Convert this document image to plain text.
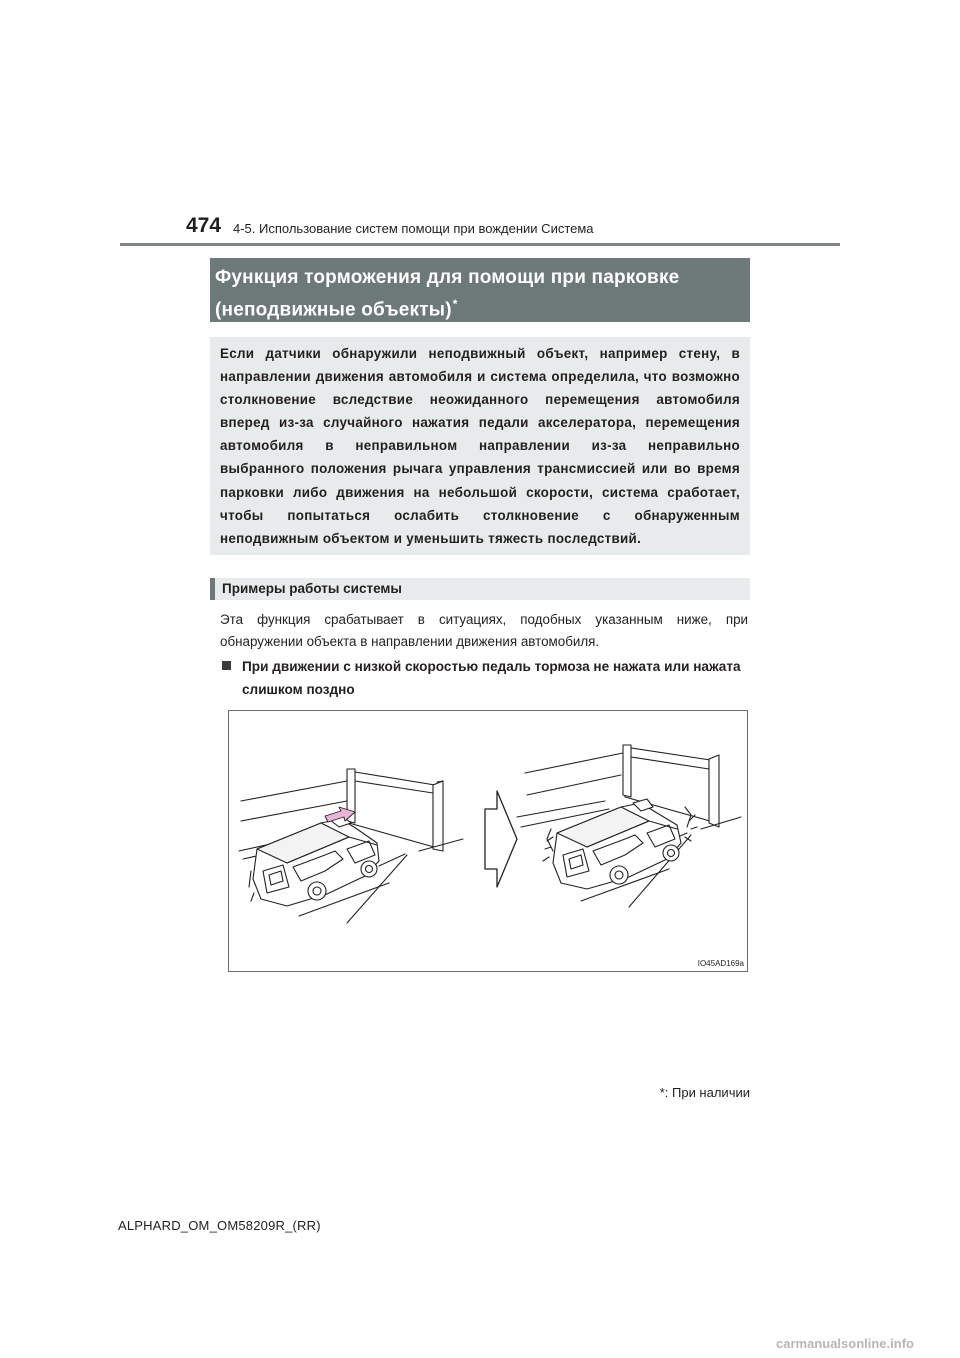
474 4-5. Использование систем помощи при вождении Система
Функция торможения для помощи при парковке
(неподвижные объекты)*
Если датчики обнаружили неподвижный объект, например стену, в направлении движения автомобиля и система определила, что возможно столкновение вследствие неожиданного перемещения автомобиля вперед из-за случайного нажатия педали акселератора, перемещения автомобиля в неправильном направлении из-за неправильно выбранного положения рычага управления трансмиссией или во время парковки либо движения на небольшой скорости, система сработает, чтобы попытаться ослабить столкновение с обнаруженным неподвижным объектом и уменьшить тяжесть последствий.
Примеры работы системы
Эта функция срабатывает в ситуациях, подобных указанным ниже, при обнаружении объекта в направлении движения автомобиля.
При движении с низкой скоростью педаль тормоза не нажата или нажата слишком поздно
IO45AD169a
*: При наличии
ALPHARD_OM_OM58209R_(RR)
carmanualsonline.info
